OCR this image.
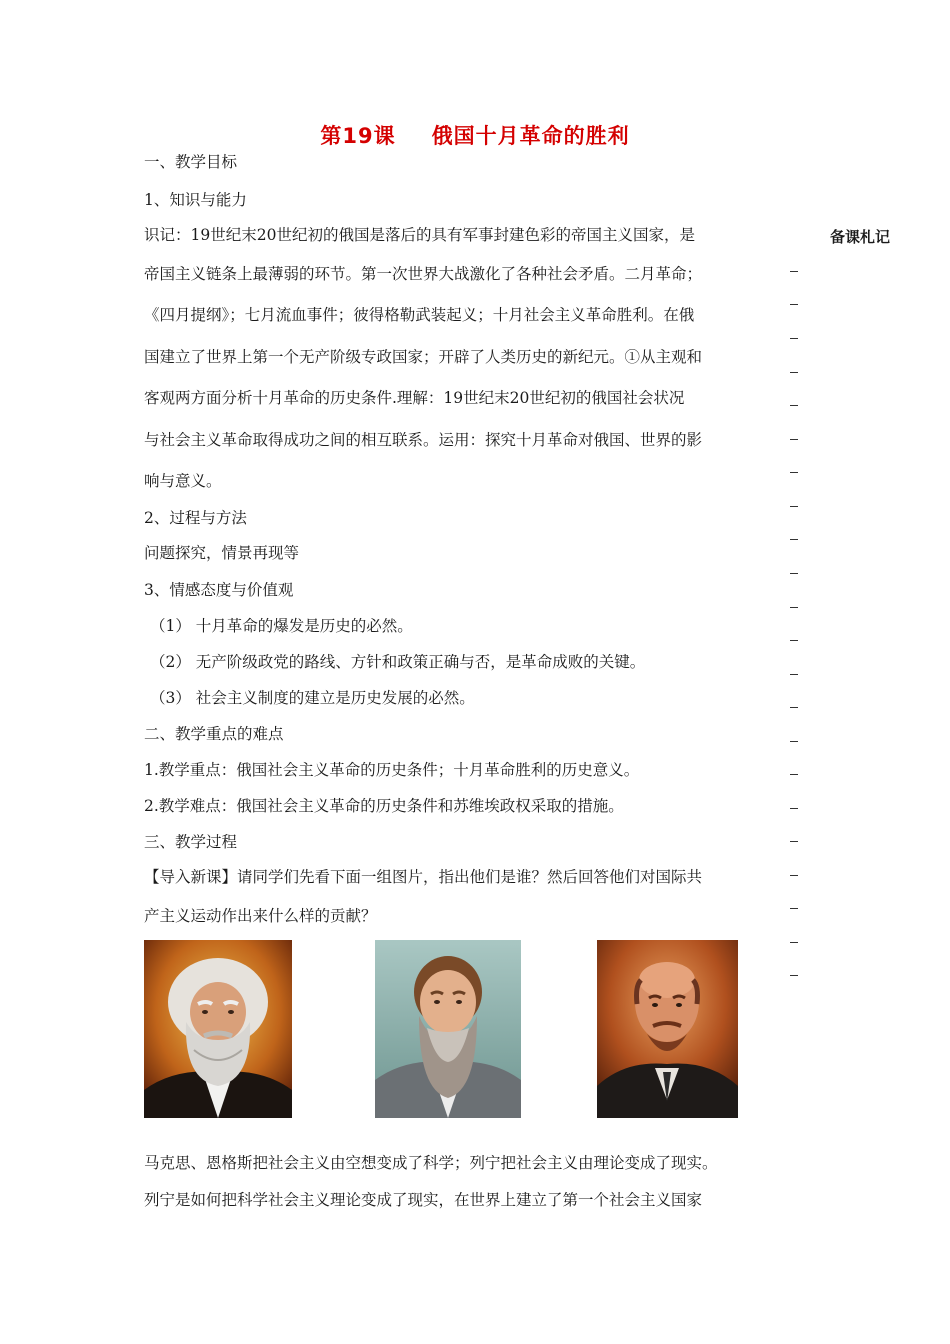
第19课 俄国十月革命的胜利
一、教学目标
1、知识与能力
识记：19世纪末20世纪初的俄国是落后的具有军事封建色彩的帝国主义国家，是
帝国主义链条上最薄弱的环节。第一次世界大战激化了各种社会矛盾。二月革命；
《四月提纲》；七月流血事件；彼得格勒武装起义；十月社会主义革命胜利。在俄
国建立了世界上第一个无产阶级专政国家；开辟了人类历史的新纪元。①从主观和
客观两方面分析十月革命的历史条件.理解：19世纪末20世纪初的俄国社会状况
与社会主义革命取得成功之间的相互联系。运用：探究十月革命对俄国、世界的影
响与意义。
2、过程与方法
问题探究，情景再现等
3、情感态度与价值观
（1） 十月革命的爆发是历史的必然。
（2） 无产阶级政党的路线、方针和政策正确与否，是革命成败的关键。
（3） 社会主义制度的建立是历史发展的必然。
二、教学重点的难点
1.教学重点：俄国社会主义革命的历史条件；十月革命胜利的历史意义。
2.教学难点：俄国社会主义革命的历史条件和苏维埃政权采取的措施。
三、教学过程
【导入新课】请同学们先看下面一组图片，指出他们是谁？然后回答他们对国际共
产主义运动作出来什么样的贡献？
马克思、恩格斯把社会主义由空想变成了科学；列宁把社会主义由理论变成了现实。
列宁是如何把科学社会主义理论变成了现实，在世界上建立了第一个社会主义国家
备课札记
